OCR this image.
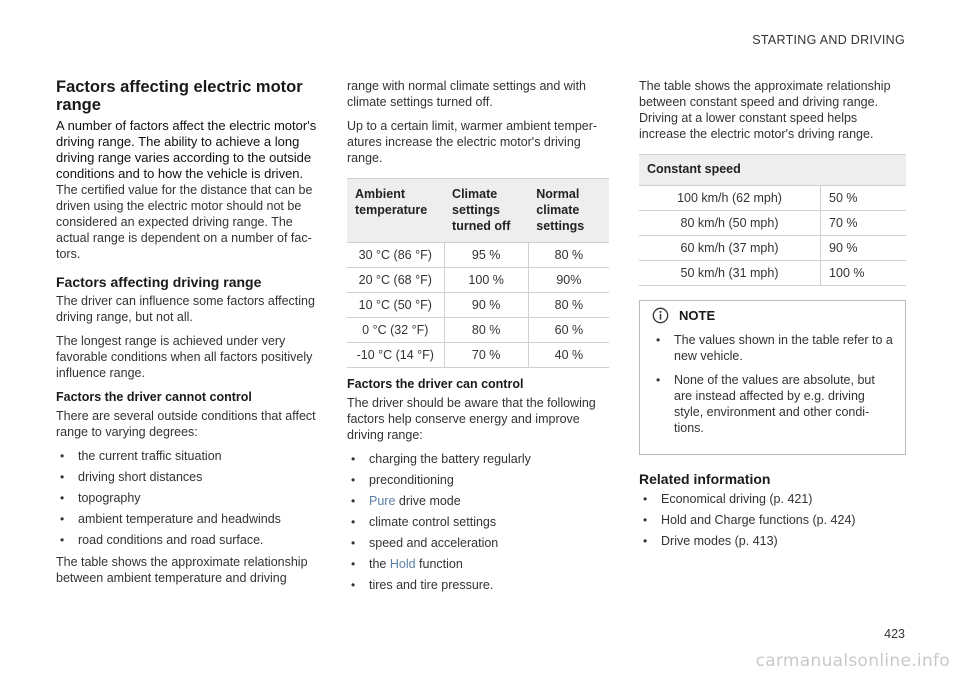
STARTING AND DRIVING
Factors affecting electric motor range

A number of factors affect the electric motor's driving range. The ability to achieve a long driving range varies according to the outside conditions and to how the vehicle is driven.

The certified value for the distance that can be driven using the electric motor should not be considered an expected driving range. The actual range is dependent on a number of fac-tors.

Factors affecting driving range

The driver can influence some factors affecting driving range, but not all.

The longest range is achieved under very favorable conditions when all factors positively influence range.

Factors the driver cannot control

There are several outside conditions that affect range to varying degrees:

• the current traffic situation
• driving short distances
• topography
• ambient temperature and headwinds
• road conditions and road surface.

The table shows the approximate relationship between ambient temperature and driving

range with normal climate settings and with climate settings turned off.

Up to a certain limit, warmer ambient temper-atures increase the electric motor's driving range.

Ambient temperature	Climate settings turned off	Normal climate settings
30 °C (86 °F)	95 %	80 %
20 °C (68 °F)	100 %	90%
10 °C (50 °F)	90 %	80 %
0 °C (32 °F)	80 %	60 %
-10 °C (14 °F)	70 %	40 %
Factors the driver can control

The driver should be aware that the following factors help conserve energy and improve driving range:

• charging the battery regularly
• preconditioning
• Pure drive mode
• climate control settings
• speed and acceleration
• the Hold function
• tires and tire pressure.

The table shows the approximate relationship between constant speed and driving range. Driving at a lower constant speed helps increase the electric motor's driving range.

Constant speed	
100 km/h (62 mph)	50 %
80 km/h (50 mph)	70 %
60 km/h (37 mph)	90 %
50 km/h (31 mph)	100 %
NOTE
• The values shown in the table refer to a new vehicle.
• None of the values are absolute, but are instead affected by e.g. driving style, environment and other condi-tions.
Related information
• Economical driving (p. 421)
• Hold and Charge functions (p. 424)
• Drive modes (p. 413)
423
carmanualsonline.info
